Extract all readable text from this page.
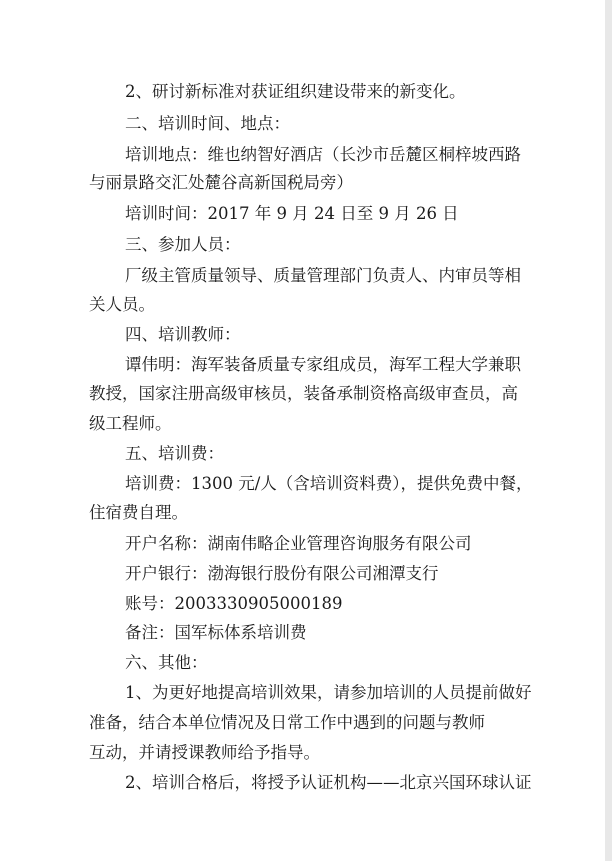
2、研讨新标准对获证组织建设带来的新变化。
二、培训时间、地点：
培训地点：维也纳智好酒店（长沙市岳麓区桐梓坡西路
与丽景路交汇处麓谷高新国税局旁）
培训时间：2017 年 9 月 24 日至 9 月 26 日
三、参加人员：
厂级主管质量领导、质量管理部门负责人、内审员等相
关人员。
四、培训教师：
谭伟明：海军装备质量专家组成员，海军工程大学兼职
教授，国家注册高级审核员，装备承制资格高级审查员，高
级工程师。
五、培训费：
培训费：1300 元/人（含培训资料费），提供免费中餐，
住宿费自理。
开户名称：湖南伟略企业管理咨询服务有限公司
开户银行：渤海银行股份有限公司湘潭支行
账号：2003330905000189
备注：国军标体系培训费
六、其他：
1、为更好地提高培训效果，请参加培训的人员提前做好
准备，结合本单位情况及日常工作中遇到的问题与教师
互动，并请授课教师给予指导。
2、培训合格后，将授予认证机构——北京兴国环球认证
